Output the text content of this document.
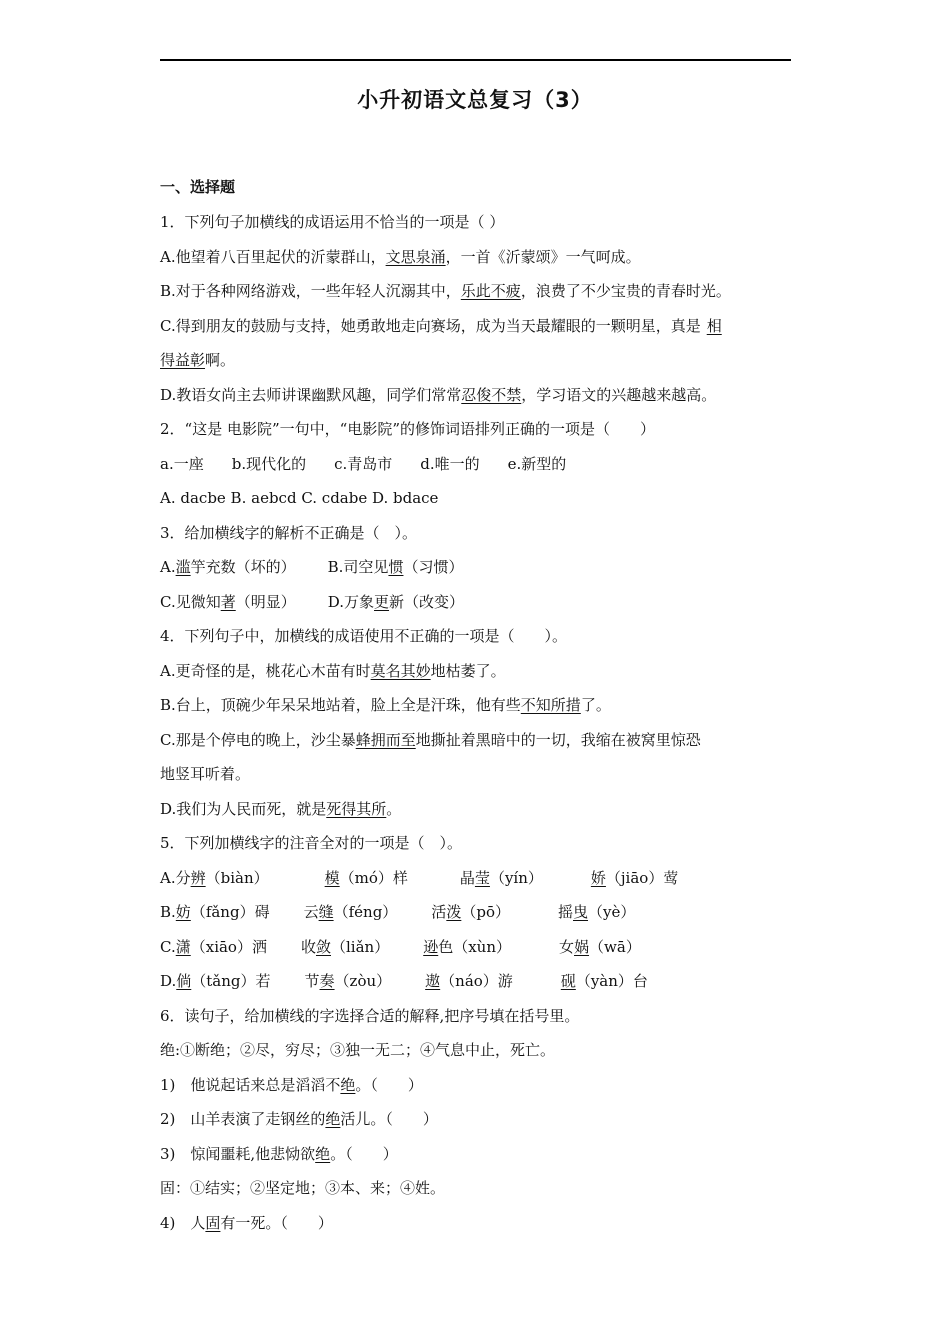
小升初语文总复习（3）
一、选择题
1．下列句子加横线的成语运用不恰当的一项是（ ）
A.他望着八百里起伏的沂蒙群山，文思泉涌，一首《沂蒙颂》一气呵成。
B.对于各种网络游戏，一些年轻人沉溺其中，乐此不疲，浪费了不少宝贵的青春时光。
C.得到朋友的鼓励与支持，她勇敢地走向赛场，成为当天最耀眼的一颗明星，真是 相
得益彰啊。
D.教语女尚主去师讲课幽默风趣，同学们常常忍俊不禁，学习语文的兴趣越来越高。
2．“这是 电影院”一句中，“电影院”的修饰词语排列正确的一项是（　　）
a.一座 b.现代化的 c.青岛市 d.唯一的 e.新型的
A. dacbe B. aebcd C. cdabe D. bdace
3．给加横线字的解析不正确是（　）。
A.滥竽充数（坏的） B.司空见惯（习惯）
C.见微知著（明显） D.万象更新（改变）
4．下列句子中，加横线的成语使用不正确的一项是（　　）。
A.更奇怪的是，桃花心木苗有时莫名其妙地枯萎了。
B.台上，顶碗少年呆呆地站着，脸上全是汗珠，他有些不知所措了。
C.那是个停电的晚上，沙尘暴蜂拥而至地撕扯着黑暗中的一切，我缩在被窝里惊恐
地竖耳听着。
D.我们为人民而死，就是死得其所。
5．下列加横线字的注音全对的一项是（　）。
A.分辨（biàn）	模（mó）样	晶莹（yín）	娇（jiāo）莺
B.妨（fǎng）碍 云缝（féng） 活泼（pō）	摇曳（yè）
C.潇（xiāo）洒 收敛（liǎn） 逊色（xùn）	女娲（wā）
D.倘（tǎng）若 节奏（zòu） 遨（náo）游	砚（yàn）台
6．读句子，给加横线的字选择合适的解释,把序号填在括号里。
绝:①断绝；②尽，穷尽；③独一无二；④气息中止，死亡。
1)　他说起话来总是滔滔不绝。（　　）
2)　山羊表演了走钢丝的绝活儿。（　　）
3)　惊闻噩耗,他悲恸欲绝。（　　）
固：①结实；②坚定地；③本、来；④姓。
4)　人固有一死。（　　）
